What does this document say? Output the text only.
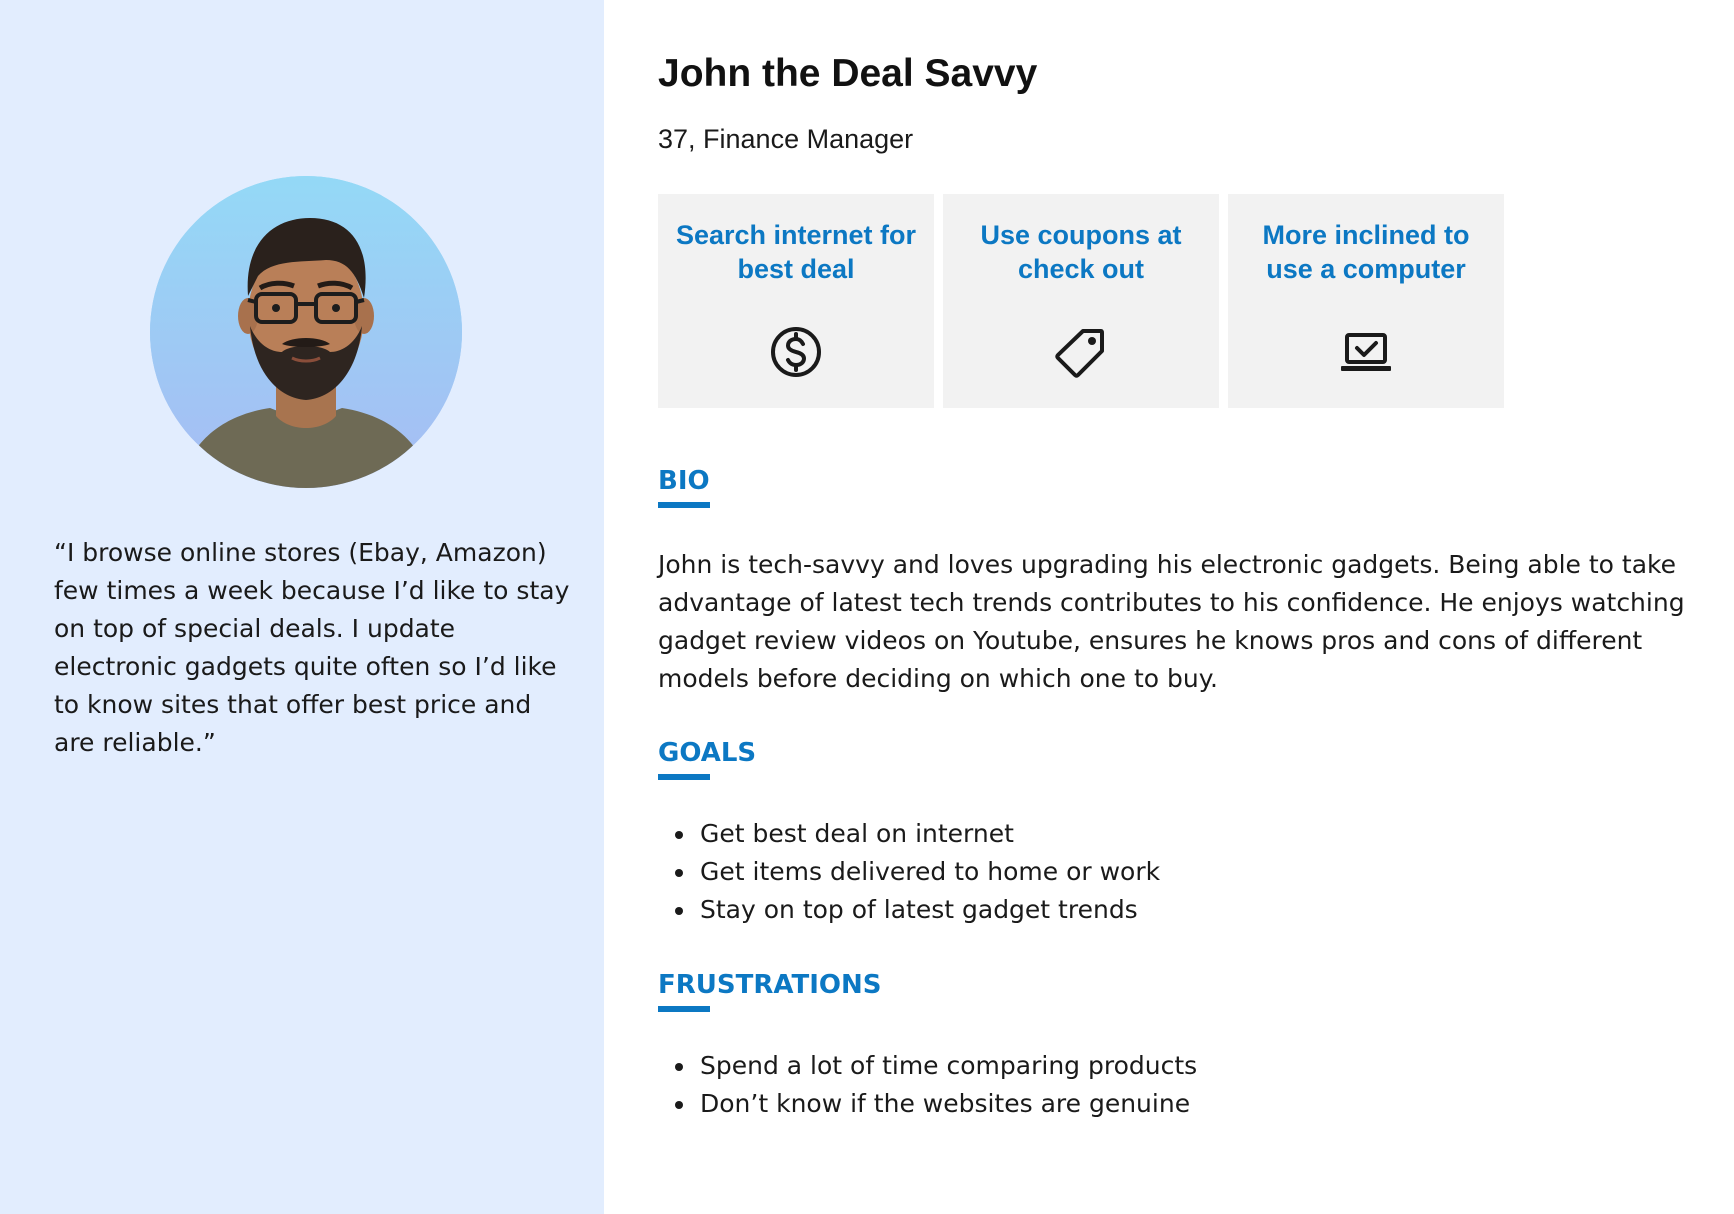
“I browse online stores (Ebay, Amazon) few times a week because I’d like to stay on top of special deals. I update electronic gadgets quite often so I’d like to know sites that offer best price and are reliable.”
John the Deal Savvy
37, Finance Manager
Search internet for best deal
Use coupons at check out
More inclined to use a computer
BIO

John is tech-savvy and loves upgrading his electronic gadgets. Being able to take advantage of latest tech trends contributes to his confidence. He enjoys watching gadget review videos on Youtube, ensures he knows pros and cons of different models before deciding on which one to buy.

GOALS
Get best deal on internet
Get items delivered to home or work
Stay on top of latest gadget trends
FRUSTRATIONS
Spend a lot of time comparing products
Don’t know if the websites are genuine
